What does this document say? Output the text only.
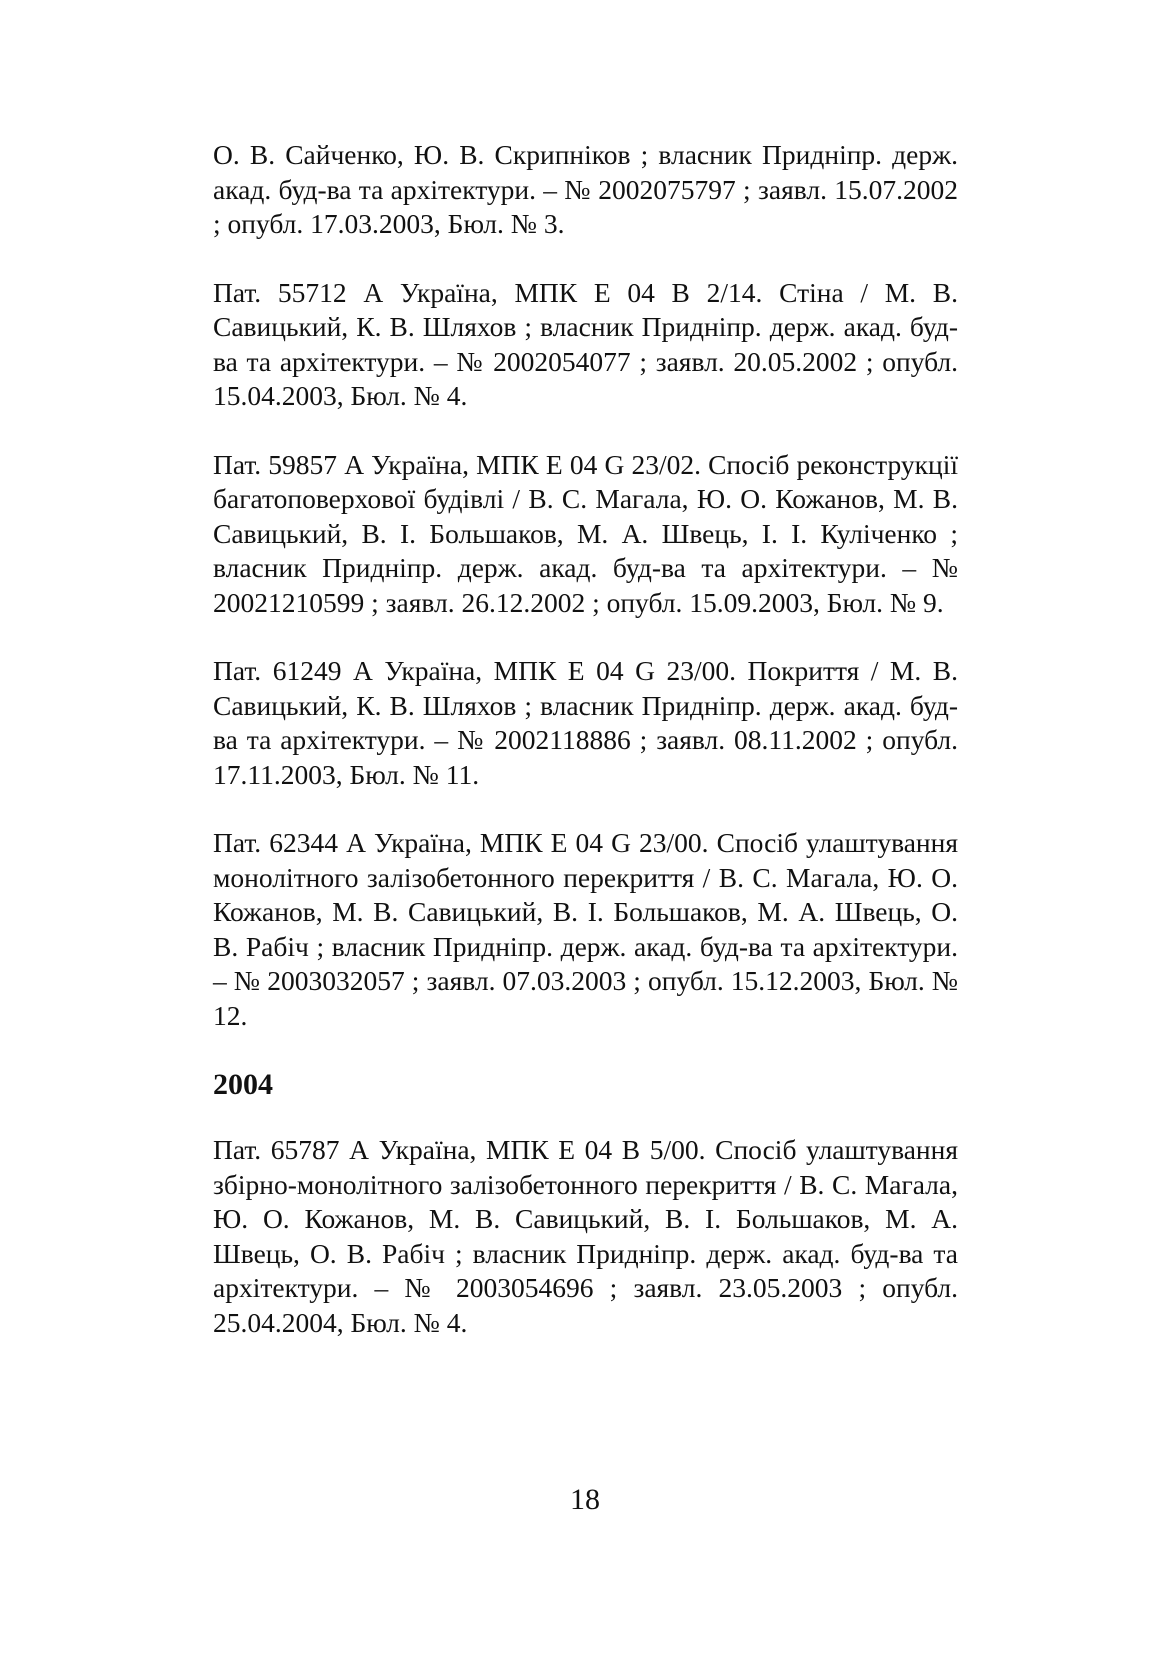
О. В. Сайченко, Ю. В. Скрипніков ; власник Придніпр. держ. акад. буд-ва та архітектури. – № 2002075797 ; заявл. 15.07.2002 ; опубл. 17.03.2003, Бюл. № 3.

Пат. 55712 А Україна, МПК Е 04 В 2/14. Стіна / М. В. Савицький, К. В. Шляхов ; власник Придніпр. держ. акад. буд-ва та архітектури. – № 2002054077 ; заявл. 20.05.2002 ; опубл. 15.04.2003, Бюл. № 4.

Пат. 59857 А Україна, МПК Е 04 G 23/02. Спосіб реконструкції багатоповерхової будівлі / В. С. Магала, Ю. О. Кожанов, М. В. Савицький, В. І. Большаков, М. А. Швець, І. І. Куліченко ; власник Придніпр. держ. акад. буд-ва та архітектури. – № 20021210599 ; заявл. 26.12.2002 ; опубл. 15.09.2003, Бюл. № 9.

Пат. 61249 А Україна, МПК Е 04 G 23/00. Покриття / М. В. Савицький, К. В. Шляхов ; власник Придніпр. держ. акад. буд-ва та архітектури. – № 2002118886 ; заявл. 08.11.2002 ; опубл. 17.11.2003, Бюл. № 11.

Пат. 62344 А Україна, МПК Е 04 G 23/00. Спосіб улаштування монолітного залізобетонного перекриття / В. С. Магала, Ю. О. Кожанов, М. В. Савицький, В. І. Большаков, М. А. Швець, О. В. Рабіч ; власник Придніпр. держ. акад. буд-ва та архітектури. – № 2003032057 ; заявл. 07.03.2003 ; опубл. 15.12.2003, Бюл. № 12.

2004

Пат. 65787 А Україна, МПК Е 04 В 5/00. Спосіб улаштування збірно-монолітного залізобетонного перекриття / В. С. Магала, Ю. О. Кожанов, М. В. Савицький, В. І. Большаков, М. А. Швець, О. В. Рабіч ; власник Придніпр. держ. акад. буд-ва та архітектури. – № 2003054696 ; заявл. 23.05.2003 ; опубл. 25.04.2004, Бюл. № 4.

18
